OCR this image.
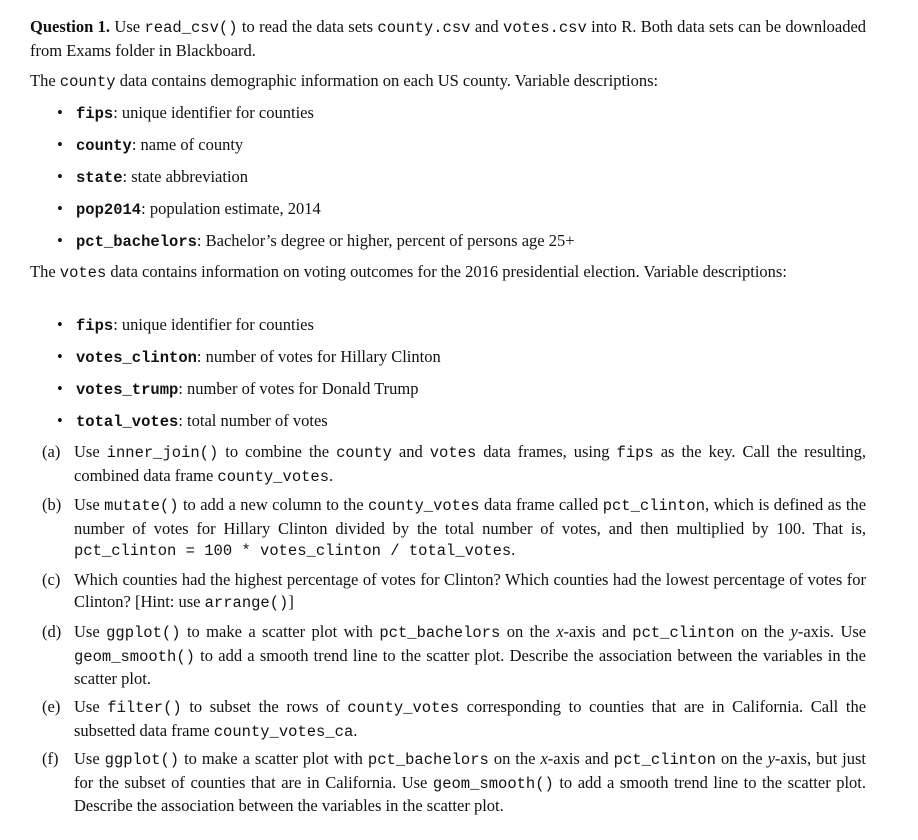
Question 1. Use read_csv() to read the data sets county.csv and votes.csv into R. Both data sets can be downloaded from Exams folder in Blackboard.
The county data contains demographic information on each US county. Variable descriptions:
• fips: unique identifier for counties
• county: name of county
• state: state abbreviation
• pop2014: population estimate, 2014
• pct_bachelors: Bachelor’s degree or higher, percent of persons age 25+
The votes data contains information on voting outcomes for the 2016 presidential election. Variable descriptions:
• fips: unique identifier for counties
• votes_clinton: number of votes for Hillary Clinton
• votes_trump: number of votes for Donald Trump
• total_votes: total number of votes
(a) Use inner_join() to combine the county and votes data frames, using fips as the key. Call the resulting, combined data frame county_votes.
(b) Use mutate() to add a new column to the county_votes data frame called pct_clinton, which is defined as the number of votes for Hillary Clinton divided by the total number of votes, and then multiplied by 100. That is, pct_clinton = 100 * votes_clinton / total_votes.
(c) Which counties had the highest percentage of votes for Clinton? Which counties had the lowest percentage of votes for Clinton? [Hint: use arrange()]
(d) Use ggplot() to make a scatter plot with pct_bachelors on the x-axis and pct_clinton on the y-axis. Use geom_smooth() to add a smooth trend line to the scatter plot. Describe the association between the variables in the scatter plot.
(e) Use filter() to subset the rows of county_votes corresponding to counties that are in California. Call the subsetted data frame county_votes_ca.
(f) Use ggplot() to make a scatter plot with pct_bachelors on the x-axis and pct_clinton on the y-axis, but just for the subset of counties that are in California. Use geom_smooth() to add a smooth trend line to the scatter plot. Describe the association between the variables in the scatter plot.
